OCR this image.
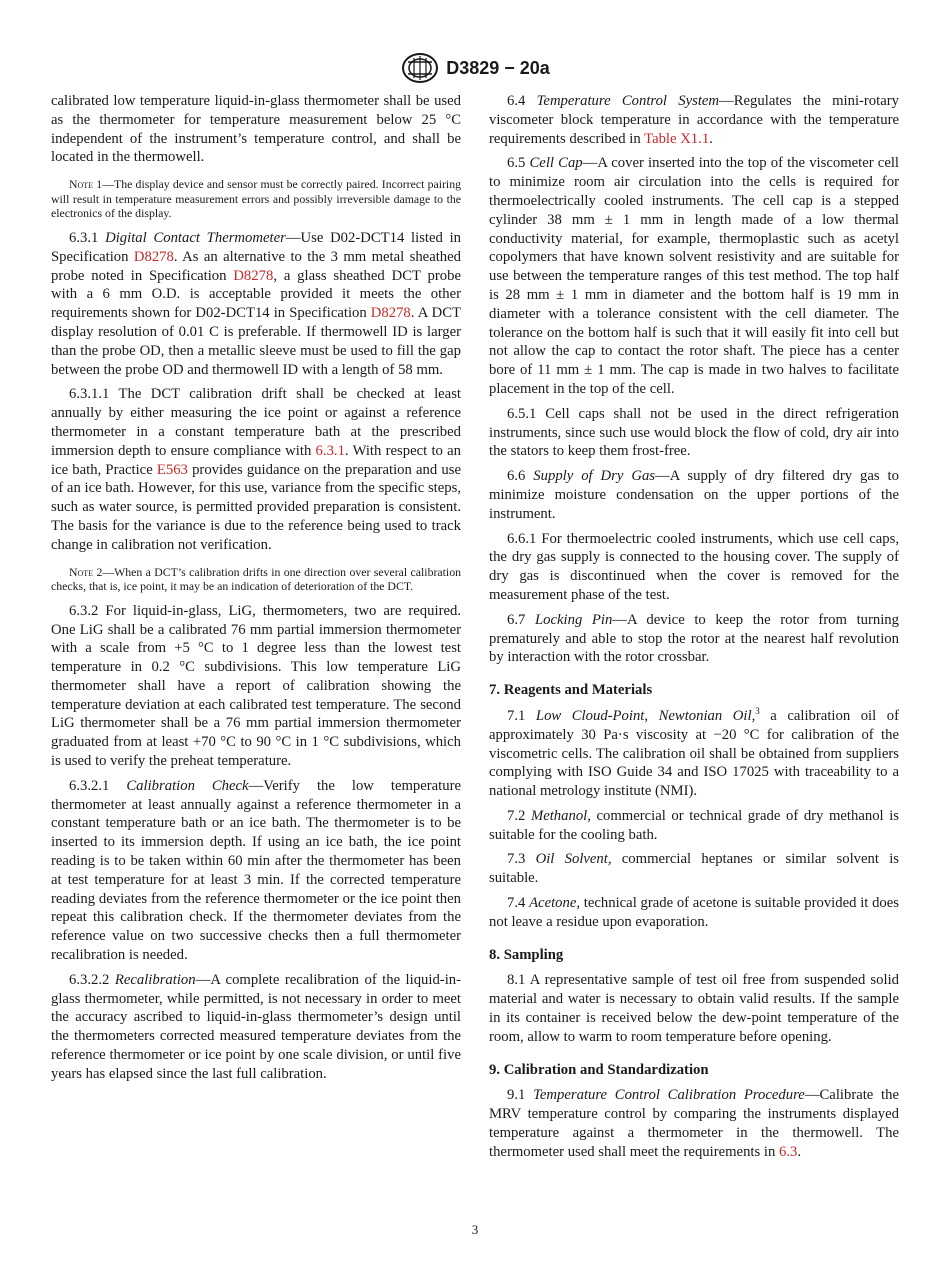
D3829 − 20a

calibrated low temperature liquid-in-glass thermometer shall be used as the thermometer for temperature measurement below 25 °C independent of the instrument’s temperature control, and shall be located in the thermowell.

Note 1—The display device and sensor must be correctly paired. Incorrect pairing will result in temperature measurement errors and possibly irreversible damage to the electronics of the display.

6.3.1 Digital Contact Thermometer—Use D02-DCT14 listed in Specification D8278. As an alternative to the 3 mm metal sheathed probe noted in Specification D8278, a glass sheathed DCT probe with a 6 mm O.D. is acceptable provided it meets the other requirements shown for D02-DCT14 in Specification D8278. A DCT display resolution of 0.01 C is preferable. If thermowell ID is larger than the probe OD, then a metallic sleeve must be used to fill the gap between the probe OD and thermowell ID with a length of 58 mm.

6.3.1.1 The DCT calibration drift shall be checked at least annually by either measuring the ice point or against a reference thermometer in a constant temperature bath at the prescribed immersion depth to ensure compliance with 6.3.1. With respect to an ice bath, Practice E563 provides guidance on the preparation and use of an ice bath. However, for this use, variance from the specific steps, such as water source, is permitted provided preparation is consistent. The basis for the variance is due to the reference being used to track change in calibration not verification.

Note 2—When a DCT’s calibration drifts in one direction over several calibration checks, that is, ice point, it may be an indication of deterioration of the DCT.

6.3.2 For liquid-in-glass, LiG, thermometers, two are required. One LiG shall be a calibrated 76 mm partial immersion thermometer with a scale from +5 °C to 1 degree less than the lowest test temperature in 0.2 °C subdivisions. This low temperature LiG thermometer shall have a report of calibration showing the temperature deviation at each calibrated test temperature. The second LiG thermometer shall be a 76 mm partial immersion thermometer graduated from at least +70 °C to 90 °C in 1 °C subdivisions, which is used to verify the preheat temperature.

6.3.2.1 Calibration Check—Verify the low temperature thermometer at least annually against a reference thermometer in a constant temperature bath or an ice bath. The thermometer is to be inserted to its immersion depth. If using an ice bath, the ice point reading is to be taken within 60 min after the thermometer has been at test temperature for at least 3 min. If the corrected temperature reading deviates from the reference thermometer or the ice point then repeat this calibration check. If the thermometer deviates from the reference value on two successive checks then a full thermometer recalibration is needed.

6.3.2.2 Recalibration—A complete recalibration of the liquid-in-glass thermometer, while permitted, is not necessary in order to meet the accuracy ascribed to liquid-in-glass thermometer’s design until the thermometers corrected measured temperature deviates from the reference thermometer or ice point by one scale division, or until five years has elapsed since the last full calibration.

6.4 Temperature Control System—Regulates the mini-rotary viscometer block temperature in accordance with the temperature requirements described in Table X1.1.

6.5 Cell Cap—A cover inserted into the top of the viscometer cell to minimize room air circulation into the cells is required for thermoelectrically cooled instruments. The cell cap is a stepped cylinder 38 mm ± 1 mm in length made of a low thermal conductivity material, for example, thermoplastic such as acetyl copolymers that have known solvent resistivity and are suitable for use between the temperature ranges of this test method. The top half is 28 mm ± 1 mm in diameter and the bottom half is 19 mm in diameter with a tolerance consistent with the cell diameter. The tolerance on the bottom half is such that it will easily fit into cell but not allow the cap to contact the rotor shaft. The piece has a center bore of 11 mm ± 1 mm. The cap is made in two halves to facilitate placement in the top of the cell.

6.5.1 Cell caps shall not be used in the direct refrigeration instruments, since such use would block the flow of cold, dry air into the stators to keep them frost-free.

6.6 Supply of Dry Gas—A supply of dry filtered dry gas to minimize moisture condensation on the upper portions of the instrument.

6.6.1 For thermoelectric cooled instruments, which use cell caps, the dry gas supply is connected to the housing cover. The supply of dry gas is discontinued when the cover is removed for the measurement phase of the test.

6.7 Locking Pin—A device to keep the rotor from turning prematurely and able to stop the rotor at the nearest half revolution by interaction with the rotor crossbar.

7. Reagents and Materials

7.1 Low Cloud-Point, Newtonian Oil,$^3$ a calibration oil of approximately 30 Pa·s viscosity at −20 °C for calibration of the viscometric cells. The calibration oil shall be obtained from suppliers complying with ISO Guide 34 and ISO 17025 with traceability to a national metrology institute (NMI).

7.2 Methanol, commercial or technical grade of dry methanol is suitable for the cooling bath.

7.3 Oil Solvent, commercial heptanes or similar solvent is suitable.

7.4 Acetone, technical grade of acetone is suitable provided it does not leave a residue upon evaporation.

8. Sampling

8.1 A representative sample of test oil free from suspended solid material and water is necessary to obtain valid results. If the sample in its container is received below the dew-point temperature of the room, allow to warm to room temperature before opening.

9. Calibration and Standardization

9.1 Temperature Control Calibration Procedure—Calibrate the MRV temperature control by comparing the instruments displayed temperature against a thermometer in the thermowell. The thermometer used shall meet the requirements in 6.3.

3
